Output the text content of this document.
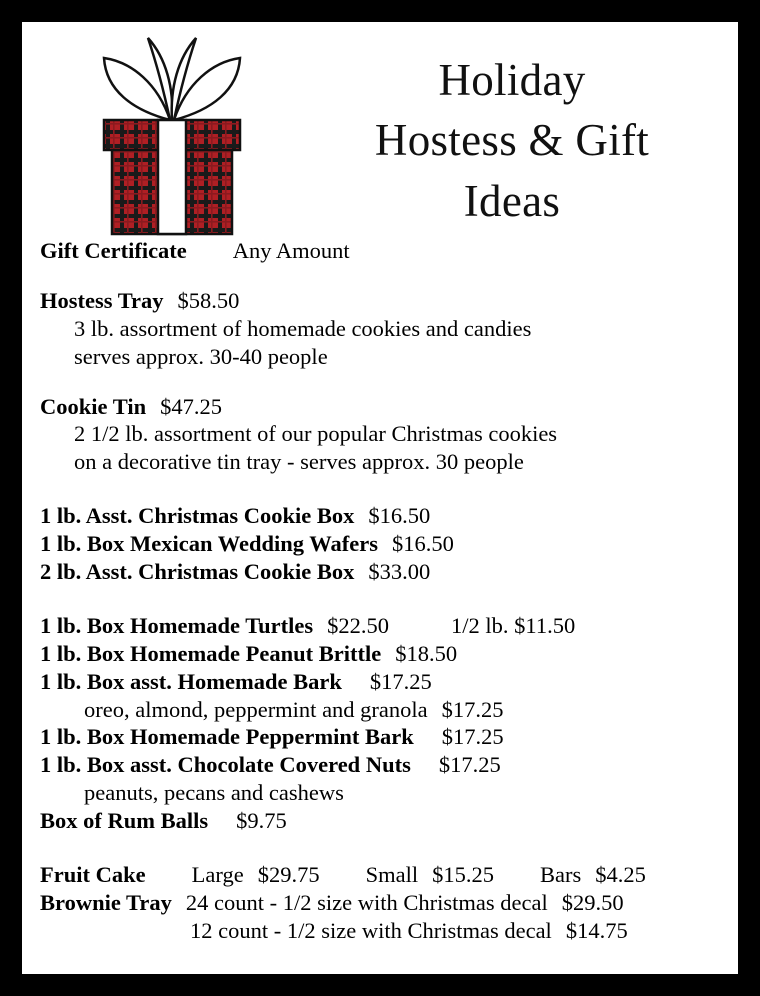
Holiday
Hostess & Gift
Ideas
Gift Certificate Any Amount
Hostess Tray $58.50
3 lb. assortment of homemade cookies and candies
serves approx. 30-40 people
Cookie Tin $47.25
2 1/2 lb. assortment of our popular Christmas cookies
on a decorative tin tray - serves approx. 30 people
1 lb. Asst. Christmas Cookie Box $16.50
1 lb. Box Mexican Wedding Wafers $16.50
2 lb. Asst. Christmas Cookie Box $33.00
1 lb. Box Homemade Turtles $22.50	1/2 lb. $11.50
1 lb. Box Homemade Peanut Brittle $18.50
1 lb. Box asst. Homemade Bark $17.25
oreo, almond, peppermint and granola $17.25
1 lb. Box Homemade Peppermint Bark $17.25
1 lb. Box asst. Chocolate Covered Nuts $17.25
peanuts, pecans and cashews
Box of Rum Balls $9.75
Fruit Cake Large $29.75 Small $15.25 Bars $4.25
Brownie Tray 24 count - 1/2 size with Christmas decal $29.50
12 count - 1/2 size with Christmas decal $14.75
